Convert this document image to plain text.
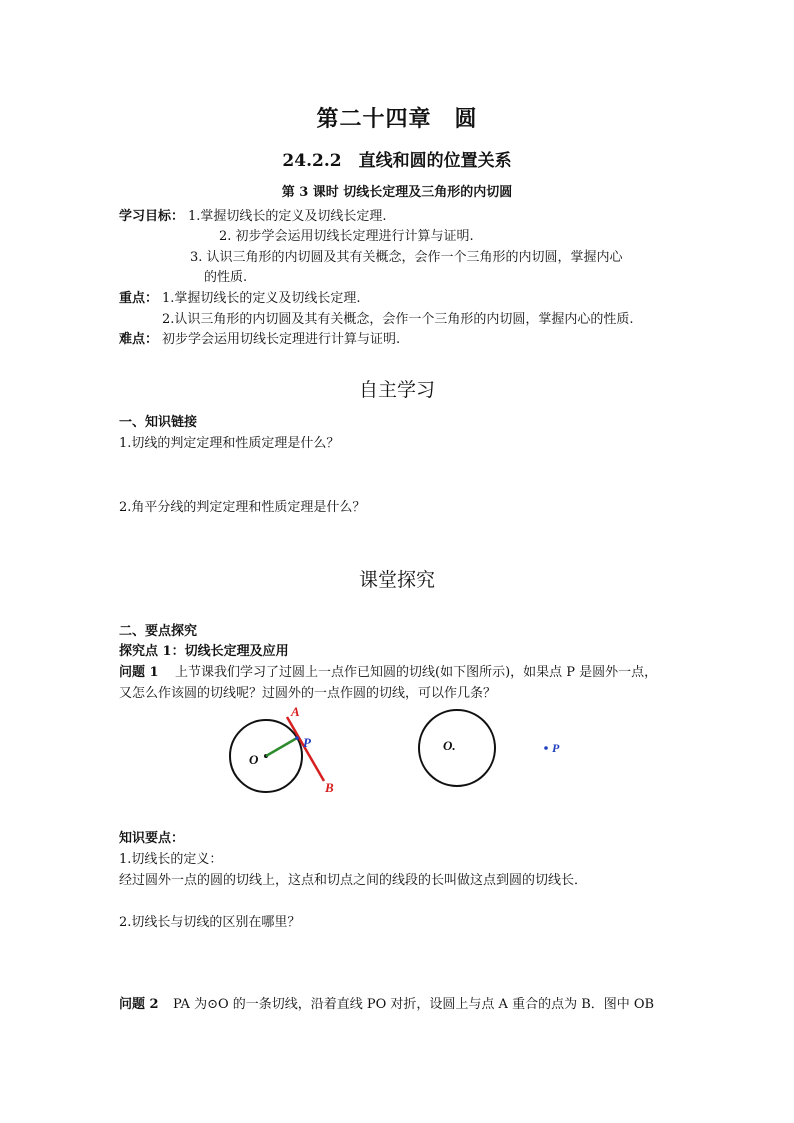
第二十四章　圆
24.2.2　直线和圆的位置关系
第 3 课时 切线长定理及三角形的内切圆
学习目标： 1.掌握切线长的定义及切线长定理.
2. 初步学会运用切线长定理进行计算与证明.
3. 认识三角形的内切圆及其有关概念，会作一个三角形的内切圆，掌握内心
的性质.
重点： 1.掌握切线长的定义及切线长定理.
2.认识三角形的内切圆及其有关概念，会作一个三角形的内切圆，掌握内心的性质.
难点： 初步学会运用切线长定理进行计算与证明.
自主学习
一、知识链接
1.切线的判定定理和性质定理是什么？
2.角平分线的判定定理和性质定理是什么？
课堂探究
二、要点探究
探究点 1：切线长定理及应用
问题 1 上节课我们学习了过圆上一点作已知圆的切线(如下图所示)，如果点 P 是圆外一点，
又怎么作该圆的切线呢？过圆外的一点作圆的切线，可以作几条？
A
P
O
B
O.	P
知识要点：
1.切线长的定义：
经过圆外一点的圆的切线上，这点和切点之间的线段的长叫做这点到圆的切线长．
2.切线长与切线的区别在哪里？
问题 2 PA 为⊙O 的一条切线，沿着直线 PO 对折，设圆上与点 A 重合的点为 B．图中 OB
